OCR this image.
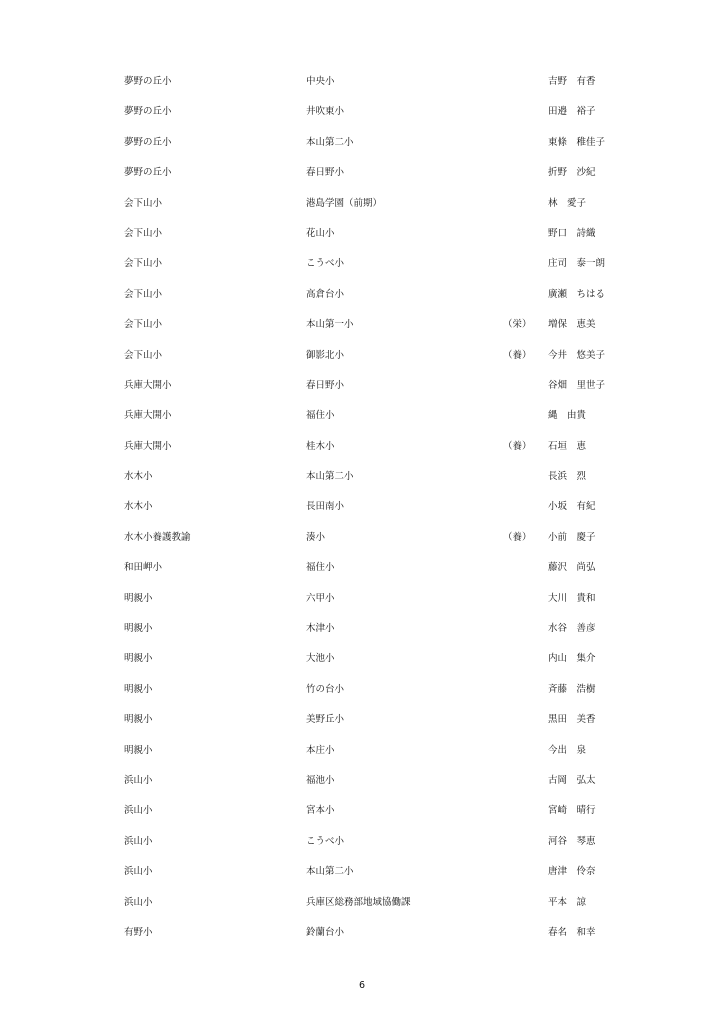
夢野の丘小	中央小	吉野　有香
夢野の丘小	井吹東小	田邉　裕子
夢野の丘小	本山第二小	東條　稚佳子
夢野の丘小	春日野小	折野　沙紀
会下山小	港島学園（前期）	林　愛子
会下山小	花山小	野口　詩織
会下山小	こうべ小	庄司　泰一朗
会下山小	高倉台小	廣瀬　ちはる
会下山小	本山第一小	（栄） 増保　恵美
会下山小	御影北小	（養） 今井　悠美子
兵庫大開小	春日野小	谷畑　里世子
兵庫大開小	福住小	縄　由貴
兵庫大開小	桂木小	（養） 石垣　恵
水木小	本山第二小	長浜　烈
水木小	長田南小	小坂　有紀
水木小養護教諭	湊小	（養） 小前　慶子
和田岬小	福住小	藤沢　尚弘
明親小	六甲小	大川　貴和
明親小	木津小	水谷　善彦
明親小	大池小	内山　集介
明親小	竹の台小	斉藤　浩樹
明親小	美野丘小	黒田　美香
明親小	本庄小	今出　泉
浜山小	福池小	古岡　弘太
浜山小	宮本小	宮崎　晴行
浜山小	こうべ小	河谷　琴恵
浜山小	本山第二小	唐津　伶奈
浜山小	兵庫区総務部地域協働課	平本　諒
有野小	鈴蘭台小	春名　和幸
6
